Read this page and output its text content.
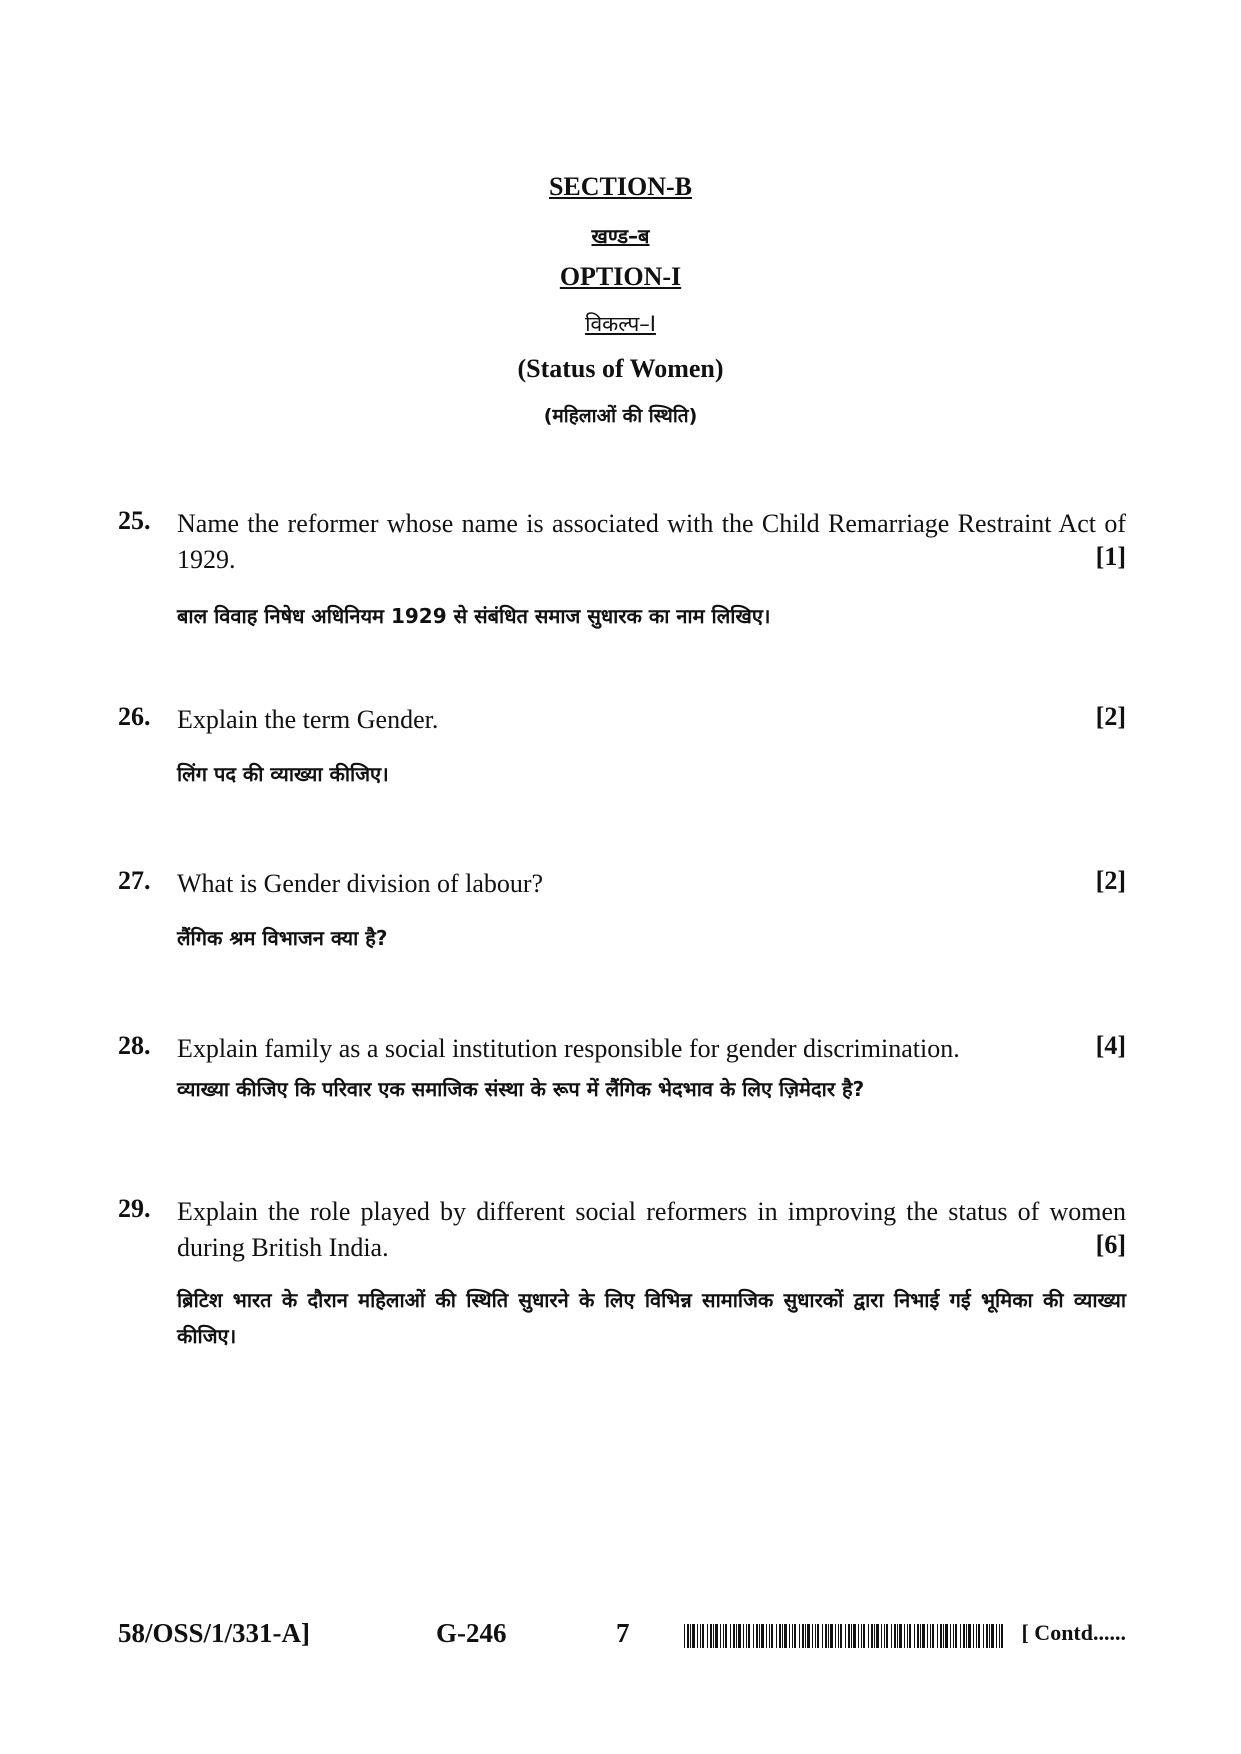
SECTION-B
खण्ड–ब
OPTION-I
विकल्प–I
(Status of Women)
(महिलाओं की स्थिति)
25. Name the reformer whose name is associated with the Child Remarriage Restraint Act of 1929.	[1]
बाल विवाह निषेध अधिनियम 1929 से संबंधित समाज सुधारक का नाम लिखिए।
26. Explain the term Gender.	[2]
लिंग पद की व्याख्या कीजिए।
27. What is Gender division of labour?	[2]
लैंगिक श्रम विभाजन क्या है?
28. Explain family as a social institution responsible for gender discrimination.	[4]
व्याख्या कीजिए कि परिवार एक समाजिक संस्था के रूप में लैंगिक भेदभाव के लिए ज़िमेदार है?
29. Explain the role played by different social reformers in improving the status of women during British India.	[6]
ब्रिटिश भारत के दौरान महिलाओं की स्थिति सुधारने के लिए विभिन्न सामाजिक सुधारकों द्वारा निभाई गई भूमिका की व्याख्या कीजिए।
58/OSS/1/331-A]	G-246	7	[ Contd......
